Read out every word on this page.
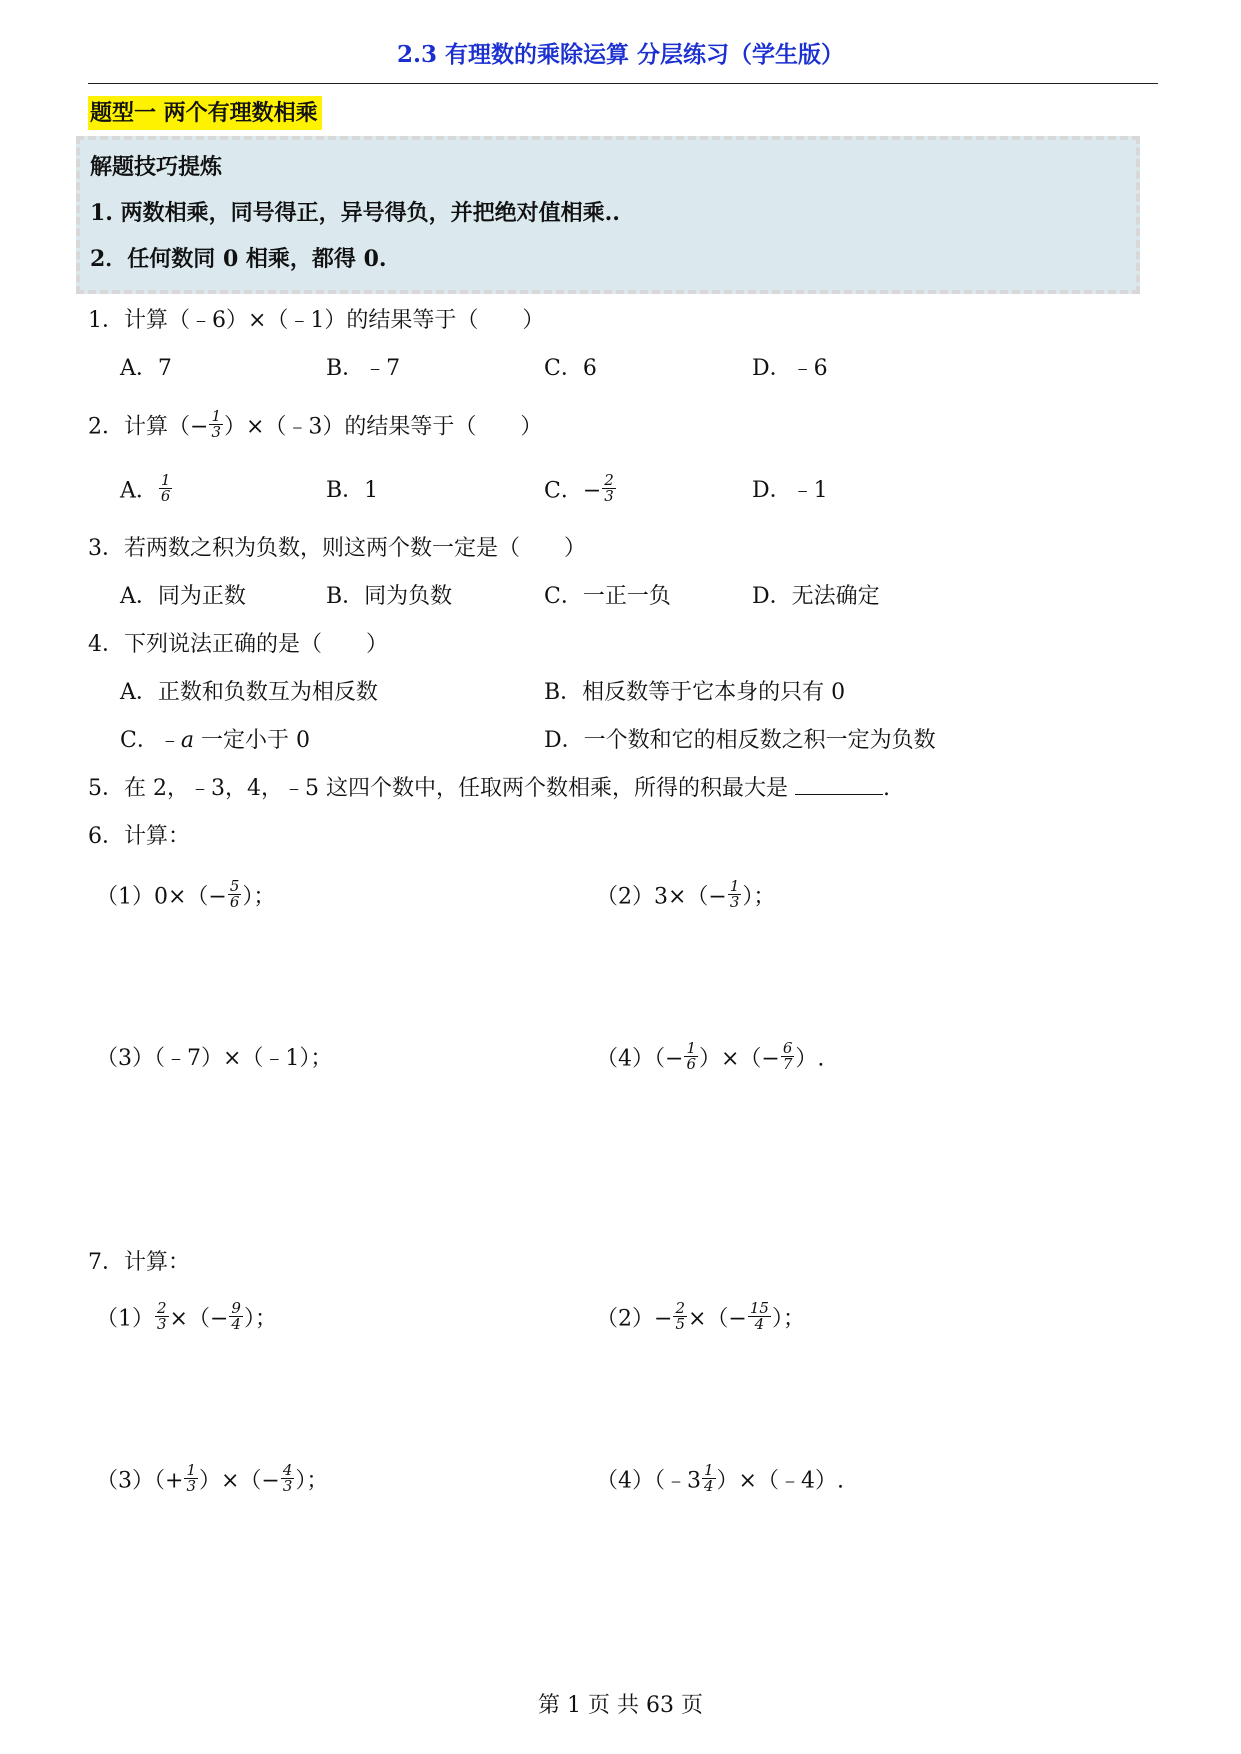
2.3 有理数的乘除运算 分层练习（学生版）
题型一 两个有理数相乘
解题技巧提炼
1. 两数相乘，同号得正，异号得负，并把绝对值相乘..
2．任何数同 0 相乘，都得 0.
1．计算（﹣6）×（﹣1）的结果等于（　　）
A．7	B．﹣7	C．6	D．﹣6
2．计算（− $\frac{1}{3}$ ）×（﹣3）的结果等于（　　）
A． $\frac{1}{6}$	B．1	C．− $\frac{2}{3}$	D．﹣1
3．若两数之积为负数，则这两个数一定是（　　）
A．同为正数	B．同为负数	C．一正一负	D．无法确定
4．下列说法正确的是（　　）
A．正数和负数互为相反数	B．相反数等于它本身的只有 0
C．﹣a 一定小于 0	D．一个数和它的相反数之积一定为负数
5．在 2，﹣3，4，﹣5 这四个数中，任取两个数相乘，所得的积最大是	.
6．计算：
$(1)0\times(- \frac{5}{6}$ ）；	$(2)3\times(- \frac{1}{3}$ ）；
（3）（﹣7）×（﹣1）；	$(4)(- \frac{1}{6}$ ）×（− $\frac{6}{7}$ ）.
7．计算：
$(1) \frac{2}{3}$ ×（− $\frac{9}{4}$ ）；	$(2)- \frac{2}{5}$ ×（− $\frac{15}{4}$ ）；
$(3)(+ \frac{1}{3}$ ）×（− $\frac{4}{3}$ ）；	（4）（﹣3 $\frac{1}{4}$ ）×（﹣4）.
第 1 页 共 63 页
